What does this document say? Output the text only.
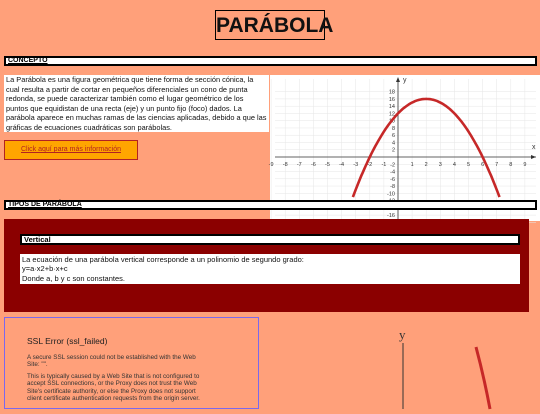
PARÁBOLA
CONCEPTO
La Parábola es una figura geométrica que tiene forma de sección cónica, la cual resulta a partir de cortar en pequeños diferenciales un cono de punta redonda, se puede caracterizar también como el lugar geométrico de los puntos que equidistan de una recta (eje) y un punto fijo (foco) dados. La parábola aparece en muchas ramas de las ciencias aplicadas, debido a que las gráficas de ecuaciones cuadráticas son parábolas.
Click aquí para más información	x
y
-9 -8 -7 -6 -5 -4 -3 -2 -1	1 2 3 4 5 6 7 8 9
18
16
14
12
10
8
6
4
2
-2
-4
-6
-8
-10
-16
TIPOS DE PARÁBOLA
Vertical
La ecuación de una parábola vertical corresponde a un polinomio de segundo grado:
y=a·x2+b·x+c
Donde a, b y c son constantes.
SSL Error (ssl_failed)
A secure SSL session could not be established with the Web Site: "".
This is typically caused by a Web Site that is not configured to accept SSL connections, or the Proxy does not trust the Web Site's certificate authority, or else the Proxy does not support client certificate authentication requests from the origin server.
y
